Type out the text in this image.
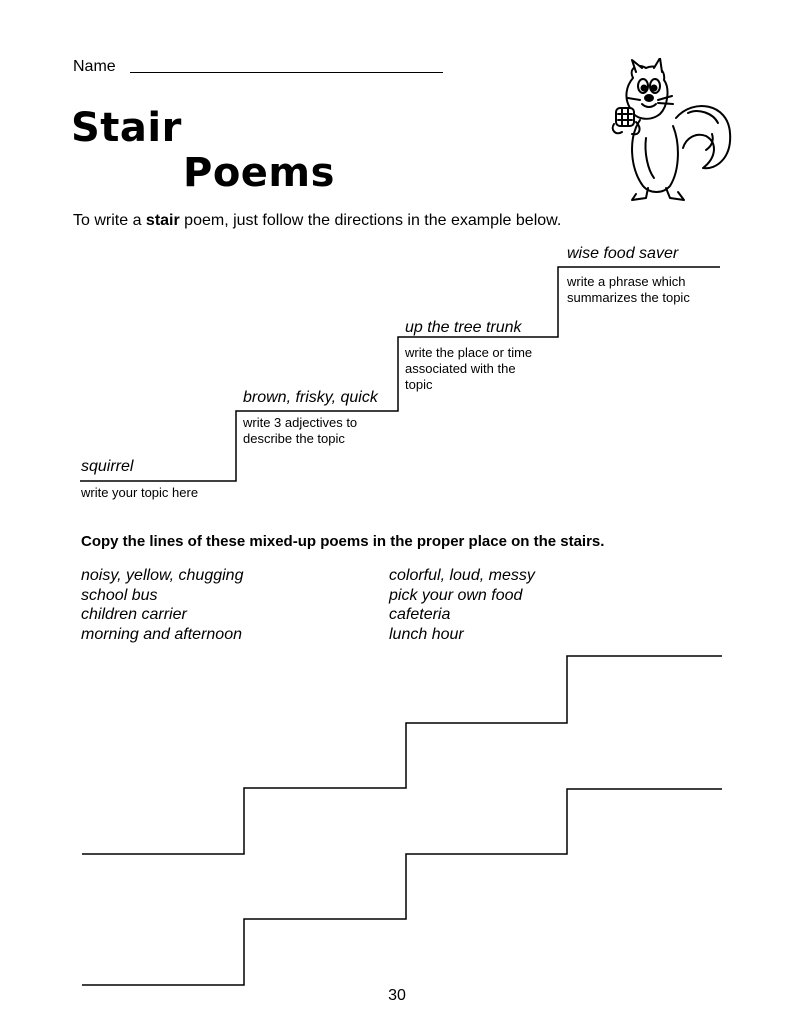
Name
Stair
Poems
To write a stair poem, just follow the directions in the example below.
squirrel
write your topic here
brown, frisky, quick
write 3 adjectives to
describe the topic
up the tree trunk
write the place or time
associated with the
topic
wise food saver
write a phrase which
summarizes the topic
Copy the lines of these mixed-up poems in the proper place on the stairs.
noisy, yellow, chugging
school bus
children carrier
morning and afternoon
colorful, loud, messy
pick your own food
cafeteria
lunch hour
30
